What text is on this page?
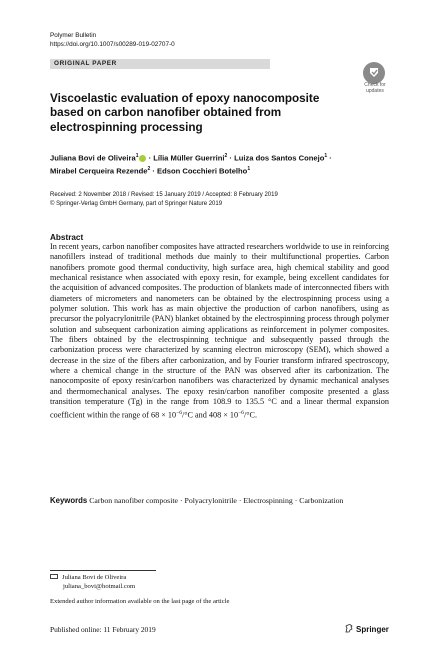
Polymer Bulletin
https://doi.org/10.1007/s00289-019-02707-0
ORIGINAL PAPER
Check for
updates
Viscoelastic evaluation of epoxy nanocomposite based on carbon nanofiber obtained from electrospinning processing
Juliana Bovi de Oliveira$^1$ · Lília Müller Guerrini$^2$ · Luiza dos Santos Conejo$^1$ ·
Mirabel Cerqueira Rezende$^2$ · Edson Cocchieri Botelho$^1$
Received: 2 November 2018 / Revised: 15 January 2019 / Accepted: 8 February 2019
© Springer-Verlag GmbH Germany, part of Springer Nature 2019
Abstract

In recent years, carbon nanofiber composites have attracted researchers worldwide to use in reinforcing nanofillers instead of traditional methods due mainly to their multifunctional properties. Carbon nanofibers promote good thermal conductivity, high surface area, high chemical stability and good mechanical resistance when associated with epoxy resin, for example, being excellent candidates for the acquisition of advanced composites. The production of blankets made of interconnected fibers with diameters of micrometers and nanometers can be obtained by the electrospinning process using a polymer solution. This work has as main objective the production of carbon nanofibers, using as precursor the polyacrylonitrile (PAN) blanket obtained by the electrospinning process through polymer solution and subsequent carbonization aiming applications as reinforcement in polymer composites. The fibers obtained by the electrospinning technique and subsequently passed through the carbonization process were characterized by scanning electron microscopy (SEM), which showed a decrease in the size of the fibers after carbonization, and by Fourier transform infrared spectroscopy, where a chemical change in the structure of the PAN was observed after its carbonization. The nanocomposite of epoxy resin/carbon nanofibers was characterized by dynamic mechanical analyses and thermomechanical analyses. The epoxy resin/carbon nanofiber composite presented a glass transition temperature (Tg) in the range from 108.9 to 135.5 °C and a linear thermal expansion coefficient within the range of $68 \times 10^{-6}/^\circ C$ and $408 \times 10^{-6}/^\circ C$.

Keywords Carbon nanofiber composite · Polyacrylonitrile · Electrospinning · Carbonization
Juliana Bovi de Oliveira
juliana_bovi@hotmail.com
Extended author information available on the last page of the article
Published online: 11 February 2019	Springer
